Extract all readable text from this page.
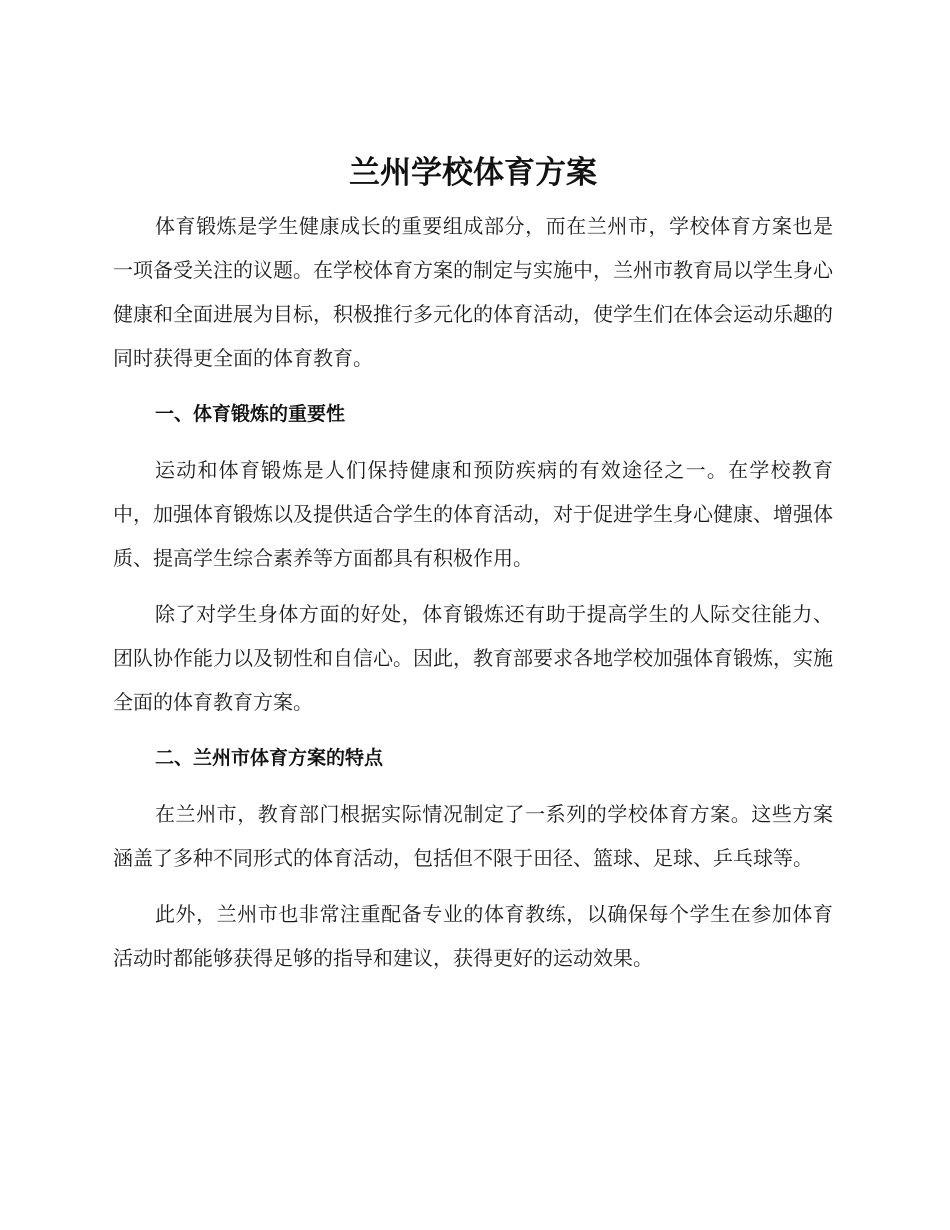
兰州学校体育方案

体育锻炼是学生健康成长的重要组成部分，而在兰州市，学校体育方案也是一项备受关注的议题。在学校体育方案的制定与实施中，兰州市教育局以学生身心健康和全面进展为目标，积极推行多元化的体育活动，使学生们在体会运动乐趣的同时获得更全面的体育教育。

一、体育锻炼的重要性

运动和体育锻炼是人们保持健康和预防疾病的有效途径之一。在学校教育中，加强体育锻炼以及提供适合学生的体育活动，对于促进学生身心健康、增强体质、提高学生综合素养等方面都具有积极作用。

除了对学生身体方面的好处，体育锻炼还有助于提高学生的人际交往能力、团队协作能力以及韧性和自信心。因此，教育部要求各地学校加强体育锻炼，实施全面的体育教育方案。

二、兰州市体育方案的特点

在兰州市，教育部门根据实际情况制定了一系列的学校体育方案。这些方案涵盖了多种不同形式的体育活动，包括但不限于田径、篮球、足球、乒乓球等。

此外，兰州市也非常注重配备专业的体育教练，以确保每个学生在参加体育活动时都能够获得足够的指导和建议，获得更好的运动效果。
